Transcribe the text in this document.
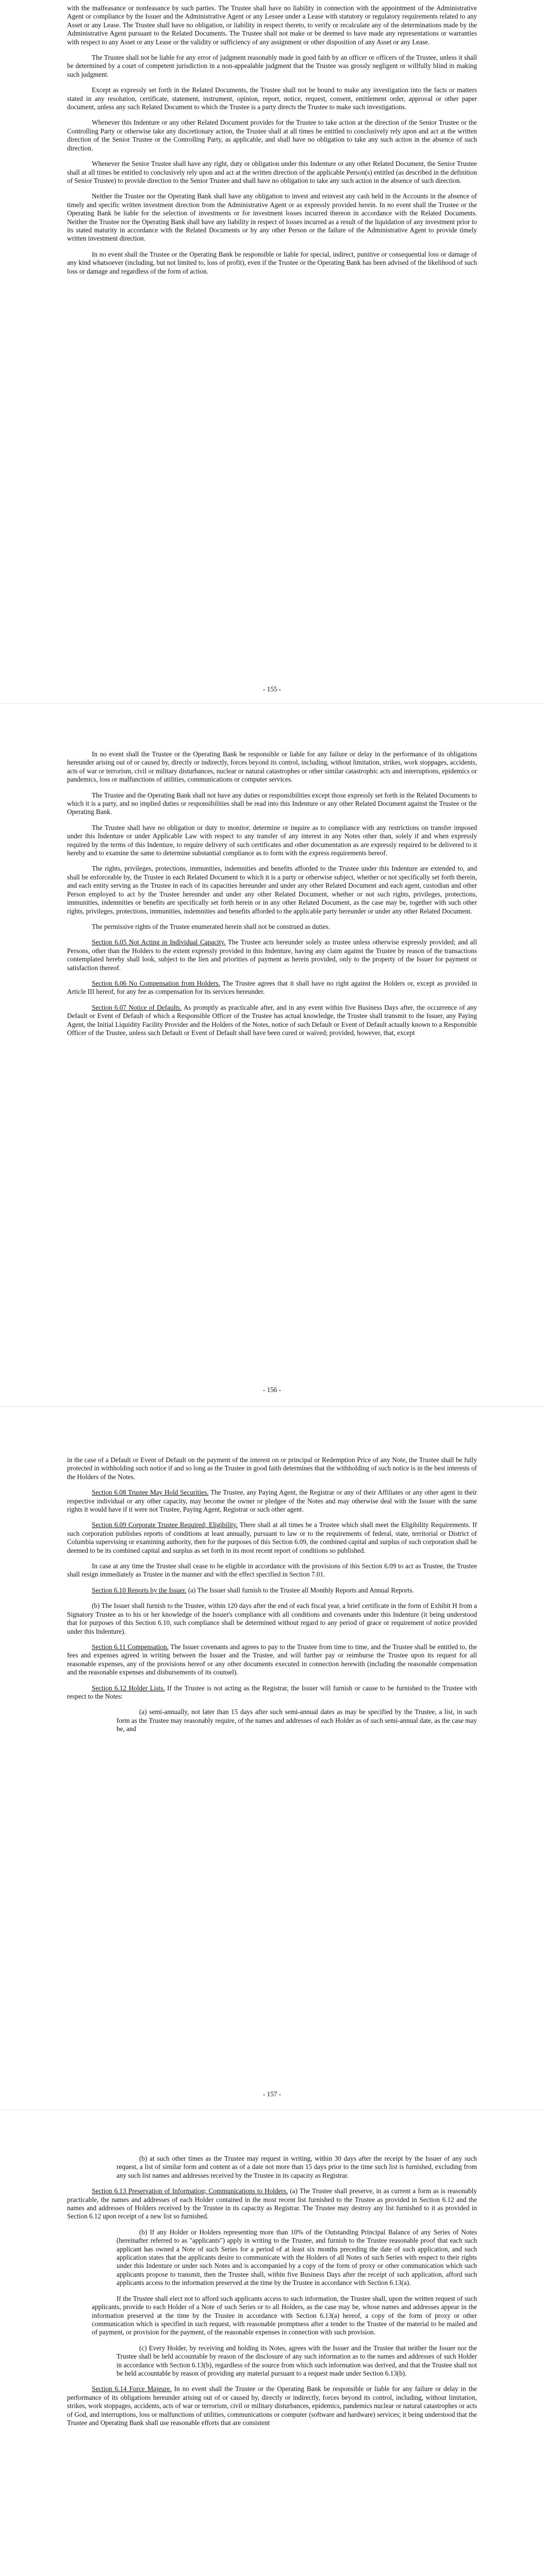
with the malfeasance or nonfeasance by such parties. The Trustee shall have no liability in connection with the appointment of the Administrative Agent or compliance by the Issuer and the Administrative Agent or any Lessee under a Lease with statutory or regulatory requirements related to any Asset or any Lease. The Trustee shall have no obligation, or liability in respect thereto, to verify or recalculate any of the determinations made by the Administrative Agent pursuant to the Related Documents. The Trustee shall not make or be deemed to have made any representations or warranties with respect to any Asset or any Lease or the validity or sufficiency of any assignment or other disposition of any Asset or any Lease.

The Trustee shall not be liable for any error of judgment reasonably made in good faith by an officer or officers of the Trustee, unless it shall be determined by a court of competent jurisdiction in a non-appealable judgment that the Trustee was grossly negligent or willfully blind in making such judgment.

Except as expressly set forth in the Related Documents, the Trustee shall not be bound to make any investigation into the facts or matters stated in any resolution, certificate, statement, instrument, opinion, report, notice, request, consent, entitlement order, approval or other paper document, unless any such Related Document to which the Trustee is a party directs the Trustee to make such investigations.

Whenever this Indenture or any other Related Document provides for the Trustee to take action at the direction of the Senior Trustee or the Controlling Party or otherwise take any discretionary action, the Trustee shall at all times be entitled to conclusively rely upon and act at the written direction of the Senior Trustee or the Controlling Party, as applicable, and shall have no obligation to take any such action in the absence of such direction.

Whenever the Senior Trustee shall have any right, duty or obligation under this Indenture or any other Related Document, the Senior Trustee shall at all times be entitled to conclusively rely upon and act at the written direction of the applicable Person(s) entitled (as described in the definition of Senior Trustee) to provide direction to the Senior Trustee and shall have no obligation to take any such action in the absence of such direction.

Neither the Trustee nor the Operating Bank shall have any obligation to invest and reinvest any cash held in the Accounts in the absence of timely and specific written investment direction from the Administrative Agent or as expressly provided herein. In no event shall the Trustee or the Operating Bank be liable for the selection of investments or for investment losses incurred thereon in accordance with the Related Documents. Neither the Trustee nor the Operating Bank shall have any liability in respect of losses incurred as a result of the liquidation of any investment prior to its stated maturity in accordance with the Related Documents or by any other Person or the failure of the Administrative Agent to provide timely written investment direction.

In no event shall the Trustee or the Operating Bank be responsible or liable for special, indirect, punitive or consequential loss or damage of any kind whatsoever (including, but not limited to, loss of profit), even if the Trustee or the Operating Bank has been advised of the likelihood of such loss or damage and regardless of the form of action.

- 155 -

In no event shall the Trustee or the Operating Bank be responsible or liable for any failure or delay in the performance of its obligations hereunder arising out of or caused by, directly or indirectly, forces beyond its control, including, without limitation, strikes, work stoppages, accidents, acts of war or terrorism, civil or military disturbances, nuclear or natural catastrophes or other similar catastrophic acts and interruptions, epidemics or pandemics, loss or malfunctions of utilities, communications or computer services.

The Trustee and the Operating Bank shall not have any duties or responsibilities except those expressly set forth in the Related Documents to which it is a party, and no implied duties or responsibilities shall be read into this Indenture or any other Related Document against the Trustee or the Operating Bank.

The Trustee shall have no obligation or duty to monitor, determine or inquire as to compliance with any restrictions on transfer imposed under this Indenture or under Applicable Law with respect to any transfer of any interest in any Notes other than, solely if and when expressly required by the terms of this Indenture, to require delivery of such certificates and other documentation as are expressly required to be delivered to it hereby and to examine the same to determine substantial compliance as to form with the express requirements hereof.

The rights, privileges, protections, immunities, indemnities and benefits afforded to the Trustee under this Indenture are extended to, and shall be enforceable by, the Trustee in each Related Document to which it is a party or otherwise subject, whether or not specifically set forth therein, and each entity serving as the Trustee in each of its capacities hereunder and under any other Related Document and each agent, custodian and other Person employed to act by the Trustee hereunder and under any other Related Document, whether or not such rights, privileges, protections, immunities, indemnities or benefits are specifically set forth herein or in any other Related Document, as the case may be, together with such other rights, privileges, protections, immunities, indemnities and benefits afforded to the applicable party hereunder or under any other Related Document.

The permissive rights of the Trustee enumerated herein shall not be construed as duties.

Section 6.05 Not Acting in Individual Capacity. The Trustee acts hereunder solely as trustee unless otherwise expressly provided; and all Persons, other than the Holders to the extent expressly provided in this Indenture, having any claim against the Trustee by reason of the transactions contemplated hereby shall look, subject to the lien and priorities of payment as herein provided, only to the property of the Issuer for payment or satisfaction thereof.

Section 6.06 No Compensation from Holders. The Trustee agrees that it shall have no right against the Holders or, except as provided in Article III hereof, for any fee as compensation for its services hereunder.

Section 6.07 Notice of Defaults. As promptly as practicable after, and in any event within five Business Days after, the occurrence of any Default or Event of Default of which a Responsible Officer of the Trustee has actual knowledge, the Trustee shall transmit to the Issuer, any Paying Agent, the Initial Liquidity Facility Provider and the Holders of the Notes, notice of such Default or Event of Default actually known to a Responsible Officer of the Trustee, unless such Default or Event of Default shall have been cured or waived; provided, however, that, except

- 156 -

in the case of a Default or Event of Default on the payment of the interest on or principal or Redemption Price of any Note, the Trustee shall be fully protected in withholding such notice if and so long as the Trustee in good faith determines that the withholding of such notice is in the best interests of the Holders of the Notes.

Section 6.08 Trustee May Hold Securities. The Trustee, any Paying Agent, the Registrar or any of their Affiliates or any other agent in their respective individual or any other capacity, may become the owner or pledgee of the Notes and may otherwise deal with the Issuer with the same rights it would have if it were not Trustee, Paying Agent, Registrar or such other agent.

Section 6.09 Corporate Trustee Required; Eligibility. There shall at all times be a Trustee which shall meet the Eligibility Requirements. If such corporation publishes reports of conditions at least annually, pursuant to law or to the requirements of federal, state, territorial or District of Columbia supervising or examining authority, then for the purposes of this Section 6.09, the combined capital and surplus of such corporation shall be deemed to be its combined capital and surplus as set forth in its most recent report of conditions so published.

In case at any time the Trustee shall cease to be eligible in accordance with the provisions of this Section 6.09 to act as Trustee, the Trustee shall resign immediately as Trustee in the manner and with the effect specified in Section 7.01.

Section 6.10 Reports by the Issuer. (a) The Issuer shall furnish to the Trustee all Monthly Reports and Annual Reports.

(b) The Issuer shall furnish to the Trustee, within 120 days after the end of each fiscal year, a brief certificate in the form of Exhibit H from a Signatory Trustee as to his or her knowledge of the Issuer's compliance with all conditions and covenants under this Indenture (it being understood that for purposes of this Section 6.10, such compliance shall be determined without regard to any period of grace or requirement of notice provided under this Indenture).

Section 6.11 Compensation. The Issuer covenants and agrees to pay to the Trustee from time to time, and the Trustee shall be entitled to, the fees and expenses agreed in writing between the Issuer and the Trustee, and will further pay or reimburse the Trustee upon its request for all reasonable expenses, any of the provisions hereof or any other documents executed in connection herewith (including the reasonable compensation and the reasonable expenses and disbursements of its counsel).

Section 6.12 Holder Lists. If the Trustee is not acting as the Registrar, the Issuer will furnish or cause to be furnished to the Trustee with respect to the Notes:

(a) semi-annually, not later than 15 days after such semi-annual dates as may be specified by the Trustee, a list, in such form as the Trustee may reasonably require, of the names and addresses of each Holder as of such semi-annual date, as the case may be, and

- 157 -

(b) at such other times as the Trustee may request in writing, within 30 days after the receipt by the Issuer of any such request, a list of similar form and content as of a date not more than 15 days prior to the time such list is furnished, excluding from any such list names and addresses received by the Trustee in its capacity as Registrar.

Section 6.13 Preservation of Information; Communications to Holders. (a) The Trustee shall preserve, in as current a form as is reasonably practicable, the names and addresses of each Holder contained in the most recent list furnished to the Trustee as provided in Section 6.12 and the names and addresses of Holders received by the Trustee in its capacity as Registrar. The Trustee may destroy any list furnished to it as provided in Section 6.12 upon receipt of a new list so furnished.

(b) If any Holder or Holders representing more than 10% of the Outstanding Principal Balance of any Series of Notes (hereinafter referred to as "applicants") apply in writing to the Trustee, and furnish to the Trustee reasonable proof that each such applicant has owned a Note of such Series for a period of at least six months preceding the date of such application, and such application states that the applicants desire to communicate with the Holders of all Notes of such Series with respect to their rights under this Indenture or under such Notes and is accompanied by a copy of the form of proxy or other communication which such applicants propose to transmit, then the Trustee shall, within five Business Days after the receipt of such application, afford such applicants access to the information preserved at the time by the Trustee in accordance with Section 6.13(a).

If the Trustee shall elect not to afford such applicants access to such information, the Trustee shall, upon the written request of such applicants, provide to each Holder of a Note of such Series or to all Holders, as the case may be, whose names and addresses appear in the information preserved at the time by the Trustee in accordance with Section 6.13(a) hereof, a copy of the form of proxy or other communication which is specified in such request, with reasonable promptness after a tender to the Trustee of the material to be mailed and of payment, or provision for the payment, of the reasonable expenses in connection with such provision.

(c) Every Holder, by receiving and holding its Notes, agrees with the Issuer and the Trustee that neither the Issuer nor the Trustee shall be held accountable by reason of the disclosure of any such information as to the names and addresses of such Holder in accordance with Section 6.13(b), regardless of the source from which such information was derived, and that the Trustee shall not be held accountable by reason of providing any material pursuant to a request made under Section 6.13(b).

Section 6.14 Force Majeure. In no event shall the Trustee or the Operating Bank be responsible or liable for any failure or delay in the performance of its obligations hereunder arising out of or caused by, directly or indirectly, forces beyond its control, including, without limitation, strikes, work stoppages, accidents, acts of war or terrorism, civil or military disturbances, epidemics, pandemics nuclear or natural catastrophes or acts of God, and interruptions, loss or malfunctions of utilities, communications or computer (software and hardware) services; it being understood that the Trustee and Operating Bank shall use reasonable efforts that are consistent
